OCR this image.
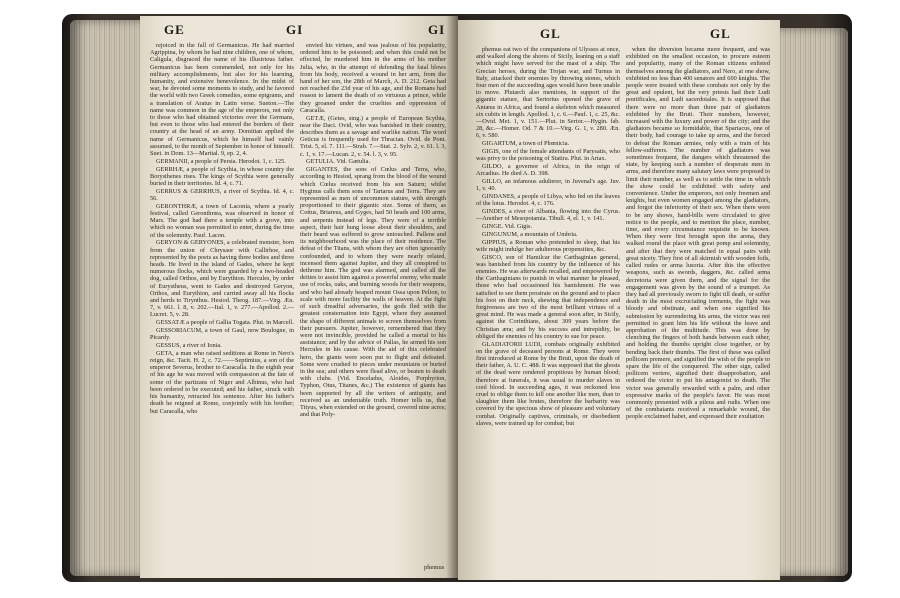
GE	GI	GI

rejoiced in the fall of Germanicus. He had married Agrippina, by whom he had nine children, one of whom, Caligula, disgraced the name of his illustrious father. Germanicus has been commended, not only for his military accomplishments, but also for his learning, humanity, and extensive benevolence. In the midst of war, he devoted some moments to study, and he favored the world with two Greek comedies, some epigrams, and a translation of Aratus in Latin verse. Sueton.—The name was common in the age of the emperors, not only to those who had obtained victories over the Germans, but even to those who had entered the borders of their country at the head of an army. Domitian applied the name of Germanicus, which he himself had vainly assumed, to the month of September in honor of himself. Suet. in Dom. 13—Martial. 9, ep. 2, 4.

GERMANII, a people of Persia. Herodot. 1, c. 125.

GERRHÆ, a people of Scythia, in whose country the Borysthenes rises. The kings of Scythia were generally buried in their territories. Id. 4, c. 71.

GERRUS & GERRHUS, a river of Scythia. Id. 4, c. 56.

GERONTHRÆ, a town of Laconia, where a yearly festival, called Geronthrœa, was observed in honor of Mars. The god had there a temple with a grove, into which no woman was permitted to enter, during the time of the solemnity. Pauf. Lacon.

GERYON & GERYONES, a celebrated monster, born from the union of Chrysaor with Callirhoe, and represented by the poets as having three bodies and three heads. He lived in the island of Gades, where he kept numerous flocks, which were guarded by a two-headed dog, called Orthos, and by Eurythion. Hercules, by order of Eurystheus, went to Gades and destroyed Geryon, Orthos, and Eurythion, and carried away all his flocks and herds to Tirynthus. Hesiod. Theog. 187.—Virg. Æn. 7, v. 661. l. 8, v. 202.—Ital. 1, v. 277.—Apollod. 2.—Lucret. 5, v. 28.

GESSATÆ a people of Gallia Togata. Plut. in Marcell.

GESSORIACUM, a town of Gaul, now Boulogne, in Picardy.

GESSUS, a river of Ionia.

GETA, a man who raised seditions at Rome in Nero's reign, &c. Tacit. H. 2, c. 72.——Septimius, a son of the emperor Severus, brother to Caracalla. In the eighth year of his age he was moved with compassion at the fate of some of the partizans of Niger and Albinus, who had been ordered to be executed; and his father, struck with his humanity, retracted his sentence. After his father's death he reigned at Rome, conjointly with his brother; but Caracalla, who

envied his virtues, and was jealous of his popularity, ordered him to be poisoned; and when this could not be effected, he murdered him in the arms of his mother Julia, who, in the attempt of defending the fatal blows from his body, received a wound in her arm, from the hand of her son, the 28th of March, A. D. 212. Geta had not reached the 23d year of his age, and the Romans had reason to lament the death of so virtuous a prince, while they groaned under the cruelties and oppression of Caracalla.

GETÆ, (Getes, sing.) a people of European Scythia, near the Daci. Ovid, who was banished in their country, describes them as a savage and warlike nation. The word Geticus is frequently used for Thracian. Ovid. de Pont. Trist. 5, el. 7. 111.—Strab. 7.—Stat. 2. Sylv. 2, v. 61. l. 3, c. 1, v. 17.—Lucan. 2, v. 54. l. 3, v. 95.

GETULIA. Vid. Gætulia.

GIGANTES, the sons of Cœlus and Terra, who, according to Hesiod, sprang from the blood of the wound which Cœlus received from his son Saturn; whilst Hyginus calls them sons of Tartarus and Terra. They are represented as men of uncommon stature, with strength proportioned to their gigantic size. Some of them, as Cottus, Briareus, and Gyges, had 50 heads and 100 arms, and serpents instead of legs. They were of a terrible aspect, their hair hung loose about their shoulders, and their beard was suffered to grow untouched. Pallene and its neighbourhood was the place of their residence. The defeat of the Titans, with whom they are often ignorantly confounded, and to whom they were nearly related, incensed them against Jupiter, and they all conspired to dethrone him. The god was alarmed, and called all the deities to assist him against a powerful enemy, who made use of rocks, oaks, and burning woods for their weapons, and who had already heaped mount Ossa upon Pelion, to scale with more facility the walls of heaven. At the fight of such dreadful adversaries, the gods fled with the greatest consternation into Egypt, where they assumed the shape of different animals to screen themselves from their pursuers. Jupiter, however, remembered that they were not invincible, provided he called a mortal to his assistance; and by the advice of Pallas, he armed his son Hercules in his cause. With the aid of this celebrated hero, the giants were soon put to flight and defeated. Some were crushed to pieces under mountains or buried in the sea; and others were flead alive, or beaten to death with clubs. (Vid. Enceladus, Aloides, Porphyrion, Typhon, Otus, Titanes, &c.) The existence of giants has been supported by all the writers of antiquity, and received as an undeniable truth. Homer tells us, that Tityus, when extended on the ground, covered nine acres; and that Poly-

phemus
GL	GL

phemus eat two of the companions of Ulysses at once, and walked along the shores of Sicily, leaning on a staff which might have served for the mast of a ship. The Grecian heroes, during the Trojan war, and Turnus in Italy, attacked their enemies by throwing stones, which four men of the succeeding ages would have been unable to move. Plutarch also mentions, in support of the gigantic stature, that Sertorius opened the grave of Antæus in Africa, and found a skeleton which measured six cubits in length. Apollod. 1, c. 6.—Pauf. 1, c. 25, &c.—Ovid. Met. 1, v. 151.—Plut. in Sertor.—Hygin. fab. 28, &c.—Homer. Od. 7 & 10.—Virg. G. 1, v. 280. Æn. 6, v. 580.

GIGARTUM, a town of Phœnicia.

GIGIS, one of the female attendants of Parysatis, who was privy to the poisoning of Statira. Plut. in Artax.

GILDO, a governor of Africa, in the reign of Arcadius. He died A. D. 398.

GILLO, an infamous adulterer, in Juvenal's age. Juv. 1, v. 40.

GINDANES, a people of Libya, who fed on the leaves of the lotus. Herodot. 4, c. 176.

GINDES, a river of Albania, flowing into the Cyrus.—Another of Mesopotamia. Tibull. 4, el. 1, v. 141.

GINGE. Vid. Gigis.

GINGUNUM, a mountain of Umbria.

GIPPIUS, a Roman who pretended to sleep, that his wife might indulge her adulterous propensities, &c.

GISCO, son of Hamilcar the Carthaginian general, was banished from his country by the influence of his enemies. He was afterwards recalled, and empowered by the Carthaginians to punish in what manner he pleased, those who had occasioned his banishment. He was satisfied to see them prostrate on the ground and to place his foot on their neck, shewing that independence and forgiveness are two of the most brilliant virtues of a great mind. He was made a general soon after, in Sicily, against the Corinthians, about 309 years before the Christian æra; and by his success and intrepidity, he obliged the enemies of his country to sue for peace.

GLADIATORII LUDI, combats originally exhibited on the grave of deceased persons at Rome. They were first introduced at Rome by the Bruti, upon the death of their father, A. U. C. 488. It was supposed that the ghosts of the dead were rendered propitious by human blood; therefore at funerals, it was usual to murder slaves in cool blood. In succeeding ages, it was reckoned less cruel to oblige them to kill one another like men, than to slaughter them like brutes, therefore the barbarity was covered by the specious show of pleasure and voluntary combat. Originally captives, criminals, or disobedient slaves, were trained up for combat; but

when the diversion became more frequent, and was exhibited on the smallest occasion, to procure esteem and popularity, many of the Roman citizens enlisted themselves among the gladiators, and Nero, at one show, exhibited no less than 400 senators and 600 knights. The people were treated with these combats not only by the great and opulent, but the very priests had their Ludi pontificales, and Ludi sacerdotales. It is supposed that there were no more than three pair of gladiators exhibited by the Bruti. Their numbers, however, increased with the luxury and power of the city; and the gladiators became so formidable, that Spartacus, one of their body, had courage to take up arms, and the forced to defeat the Roman armies, only with a train of his fellow-sufferers. The number of gladiators was sometimes frequent, the dangers which threatened the state, by keeping such a number of desperate men in arms, and therefore many salutary laws were proposed to limit their number, as well as to settle the time in which the show could be exhibited with safety and convenience. Under the emperors, not only freemen and knights, but even women engaged among the gladiators, and forgot the inferiority of their sex. When there were to be any shows, hand-bills were circulated to give notice to the people, and to mention the place, number, time, and every circumstance requisite to be known. When they were first brought upon the arena, they walked round the place with great pomp and solemnity, and after that they were matched in equal pairs with great nicety. They first of all skirmish with wooden foils, called rudes or arma lusoria. After this the effective weapons, such as swords, daggers, &c. called arma decretoria were given them, and the signal for the engagement was given by the sound of a trumpet. As they had all previously sworn to fight till death, or suffer death in the most excruciating torments, the fight was bloody and obstinate, and when one signified his submission by surrendering his arms, the victor was not permitted to grant him his life without the leave and approbation of the multitude. This was done by clenching the fingers of both hands between each other, and holding the thumbs upright close together, or by bending back their thumbs. The first of these was called pollicem premere, and signified the wish of the people to spare the life of the conquered. The other sign, called pollicem vertere, signified their disapprobation, and ordered the victor to put his antagonist to death. The victor was generally rewarded with a palm, and other expressive marks of the people's favor. He was most commonly presented with a pileus and rudis. When one of the combatants received a remarkable wound, the people exclaimed habet, and expressed their exultation
